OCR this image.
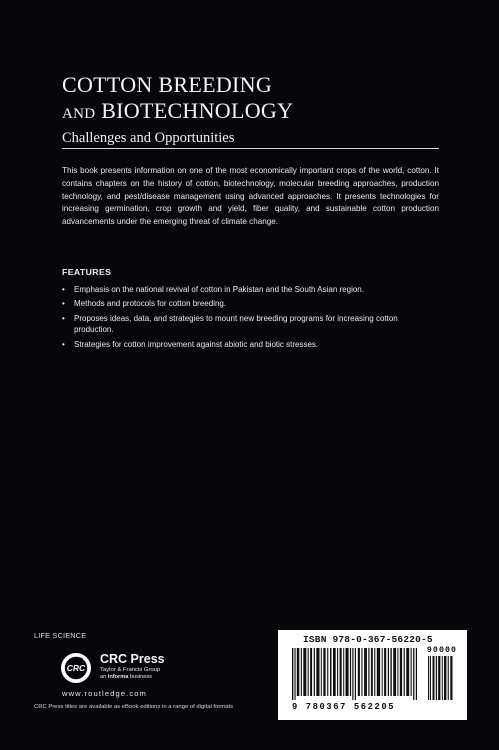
COTTON BREEDING
and BIOTECHNOLOGY
Challenges and Opportunities

This book presents information on one of the most economically important crops of the world, cotton. It contains chapters on the history of cotton, biotechnology, molecular breeding approaches, production technology, and pest/disease management using advanced approaches. It presents technologies for increasing germination, crop growth and yield, fiber quality, and sustainable cotton production advancements under the emerging threat of climate change.

FEATURES
•	Emphasis on the national revival of cotton in Pakistan and the South Asian region.
•	Methods and protocols for cotton breeding.
•	Proposes ideas, data, and strategies to mount new breeding programs for increasing cotton production.
•	Strategies for cotton improvement against abiotic and biotic stresses.
LIFE SCIENCE
CRC
CRC Press
Taylor & Francis Group
an informa business
www.routledge.com
CRC Press titles are available as eBook editions in a range of digital formats
ISBN 978-0-367-56220-5
90000
9 780367 562205
